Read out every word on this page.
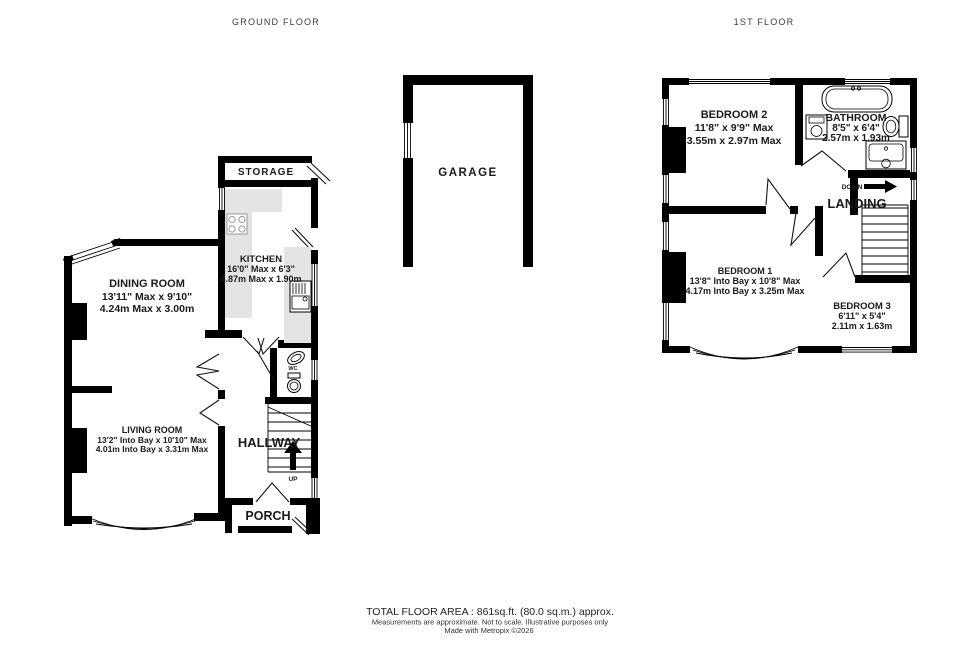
GROUND FLOOR	1ST FLOOR
DINING ROOM
13'11" Max x 9'10"
4.24m Max x 3.00m
KITCHEN
16'0" Max x 6'3"
4.87m Max x 1.90m
LIVING ROOM
13'2" Into Bay x 10'10" Max
4.01m Into Bay x 3.31m Max
STORAGE
HALLWAY
PORCH
WC
UP
GARAGE
BEDROOM 2
11'8" x 9'9" Max
3.55m x 2.97m Max
BATHROOM
8'5" x 6'4"
2.57m x 1.93m
BEDROOM 1
13'8" Into Bay x 10'8" Max
4.17m Into Bay x 3.25m Max
BEDROOM 3
6'11" x 5'4"
2.11m x 1.63m
LANDING
DOWN
TOTAL FLOOR AREA : 861sq.ft. (80.0 sq.m.) approx.
Measurements are approximate. Not to scale. Illustrative purposes only
Made with Metropix ©2026
